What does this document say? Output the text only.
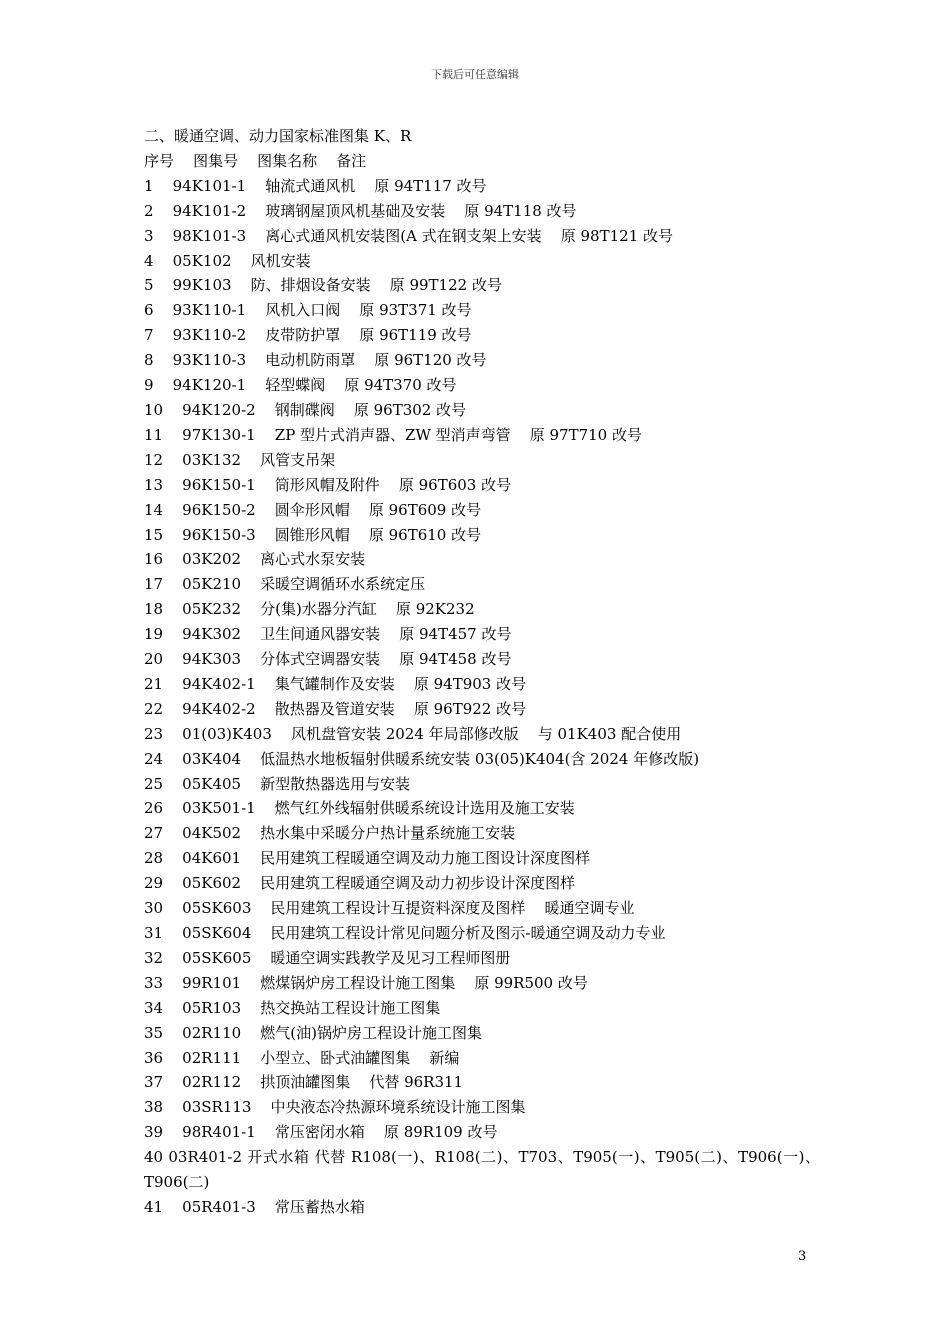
下载后可任意编辑
二、暖通空调、动力国家标准图集 K、R
序号    图集号    图集名称    备注
1    94K101-1    轴流式通风机    原 94T117 改号
2    94K101-2    玻璃钢屋顶风机基础及安装    原 94T118 改号
3    98K101-3    离心式通风机安装图(A 式在钢支架上安装    原 98T121 改号
4    05K102    风机安装
5    99K103    防、排烟设备安装    原 99T122 改号
6    93K110-1    风机入口阀    原 93T371 改号
7    93K110-2    皮带防护罩    原 96T119 改号
8    93K110-3    电动机防雨罩    原 96T120 改号
9    94K120-1    轻型蝶阀    原 94T370 改号
10    94K120-2    钢制碟阀    原 96T302 改号
11    97K130-1    ZP 型片式消声器、ZW 型消声弯管    原 97T710 改号
12    03K132    风管支吊架
13    96K150-1    筒形风帽及附件    原 96T603 改号
14    96K150-2    圆伞形风帽    原 96T609 改号
15    96K150-3    圆锥形风帽    原 96T610 改号
16    03K202    离心式水泵安装
17    05K210    采暖空调循环水系统定压
18    05K232    分(集)水器分汽缸    原 92K232
19    94K302    卫生间通风器安装    原 94T457 改号
20    94K303    分体式空调器安装    原 94T458 改号
21    94K402-1    集气罐制作及安装    原 94T903 改号
22    94K402-2    散热器及管道安装    原 96T922 改号
23    01(03)K403    风机盘管安装 2024 年局部修改版    与 01K403 配合使用
24    03K404    低温热水地板辐射供暖系统安装 03(05)K404(含 2024 年修改版)
25    05K405    新型散热器选用与安装
26    03K501-1    燃气红外线辐射供暖系统设计选用及施工安装
27    04K502    热水集中采暖分户热计量系统施工安装
28    04K601    民用建筑工程暖通空调及动力施工图设计深度图样
29    05K602    民用建筑工程暖通空调及动力初步设计深度图样
30    05SK603    民用建筑工程设计互提资料深度及图样    暖通空调专业
31    05SK604    民用建筑工程设计常见问题分析及图示-暖通空调及动力专业
32    05SK605    暖通空调实践教学及见习工程师图册
33    99R101    燃煤锅炉房工程设计施工图集    原 99R500 改号
34    05R103    热交换站工程设计施工图集
35    02R110    燃气(油)锅炉房工程设计施工图集
36    02R111    小型立、卧式油罐图集    新编
37    02R112    拱顶油罐图集    代替 96R311
38    03SR113    中央液态冷热源环境系统设计施工图集
39    98R401-1    常压密闭水箱    原 89R109 改号
40 03R401-2 开式水箱 代替 R108(一)、R108(二)、T703、T905(一)、T905(二)、T906(一)、T906(二)
41    05R401-3    常压蓄热水箱
3
